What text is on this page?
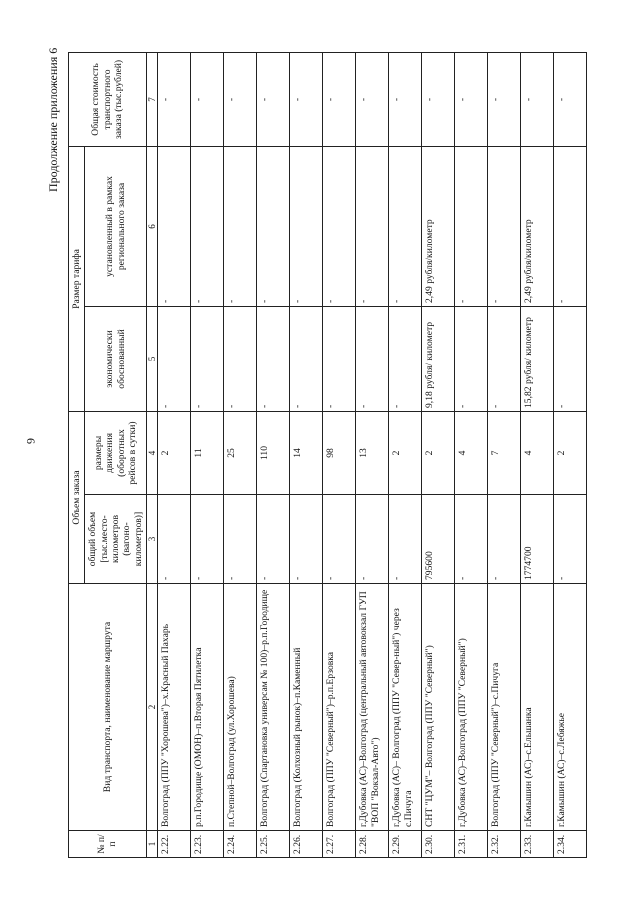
6
Продолжение приложения 6
№ п/п	Вид транспорта, наименование маршрута	Объем заказа		Размер тарифа		Общая стоимость транспортного заказа (тыс.рублей)
		общий объем [тыс.место-километров (вагоно-километров)]	размеры движения (оборотных рейсов в сутки)	экономически обоснованный	установленный в рамках регионального заказа	
1	2	3	4	5	6	7
2.22.	Волгоград (ППУ "Хорошева")–х.Красный Пахарь	-	2	-	-	-
2.23.	р.п.Городище (ОМОН)–п.Вторая Пятилетка	-	11	-	-	-
2.24.	п.Степной–Волгоград (ул.Хорошева)	-	25	-	-	-
2.25.	Волгоград (Спартановка универсам № 100)–р.п.Городище	-	110	-	-	-
2.26.	Волгоград (Колхозный рынок)–п.Каменный	-	14	-	-	-
2.27.	Волгоград (ППУ "Северный")–р.п.Ерзовка	-	98	-	-	-
2.28.	г.Дубовка (АС)–Волгоград (центральный автовокзал ГУП "ВОП "Вокзал-Авто")	-	13	-	-	-
2.29.	г.Дубовка (АС)– Волгоград (ППУ "Север-ный") через с.Пичуга	-	2	-	-	-
2.30.	СНТ "ЦУМ"– Волгоград (ППУ "Северный")	795600	2	9,18 рубля/ километр	2,49 рубля/километр	-
2.31.	г.Дубовка (АС)–Волгоград (ППУ "Северный")	-	4	-	-	-
2.32.	Волгоград (ППУ "Северный")–с.Пичуга	-	7	-	-	-
2.33.	г.Камышин (АС)–с.Ельшанка	1774700	4	15,82 рубля/ километр	2,49 рубля/километр	-
2.34.	г.Камышин (АС)–с.Лебяжье	-	2	-	-	-
